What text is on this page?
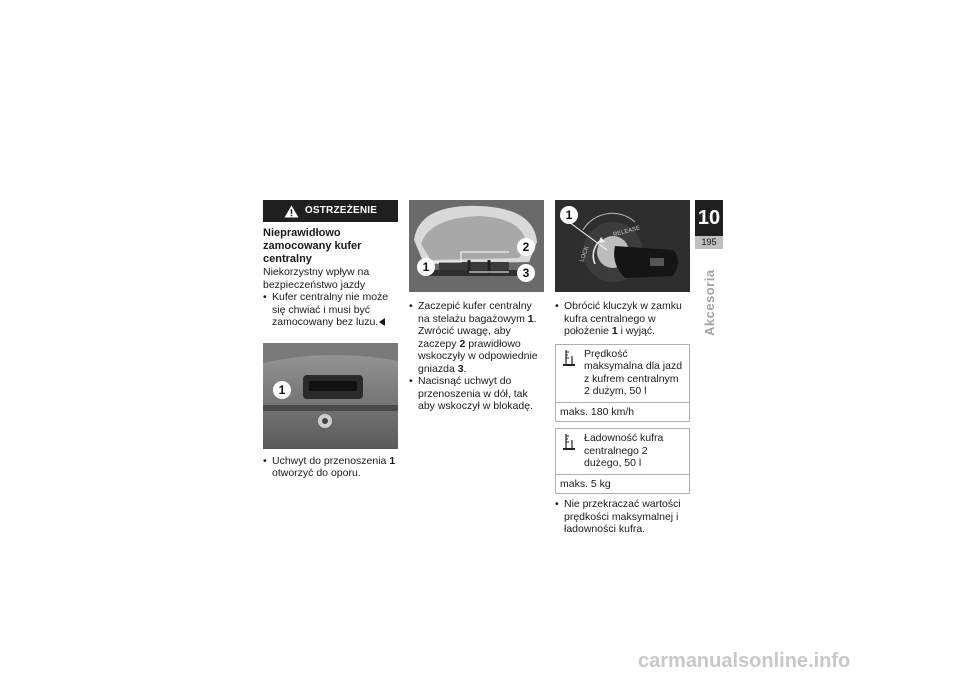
OSTRZEŻENIE
Nieprawidłowo zamocowany kufer centralny

Niekorzystny wpływ na bezpieczeństwo jazdy

• Kufer centralny nie może się chwiać i musi być zamocowany bez luzu.
1
• Uchwyt do przenoszenia 1 otworzyć do oporu.
1
2
3
• Zaczepić kufer centralny na stelażu bagażowym 1. Zwrócić uwagę, aby zaczepy 2 prawidłowo wskoczyły w odpowiednie gniazda 3.
• Nacisnąć uchwyt do przenoszenia w dół, tak aby wskoczył w blokadę.
RELEASE
LOCK
1
• Obrócić kluczyk w zamku kufra centralnego w położenie 1 i wyjąć.
Prędkość maksymalna dla jazd z kufrem centralnym 2 dużym, 50 l
maks. 180 km/h
Ładowność kufra centralnego 2 dużego, 50 l
maks. 5 kg
• Nie przekraczać wartości prędkości maksymalnej i ładowności kufra.
10
195
Akcesoria
carmanualsonline.info
